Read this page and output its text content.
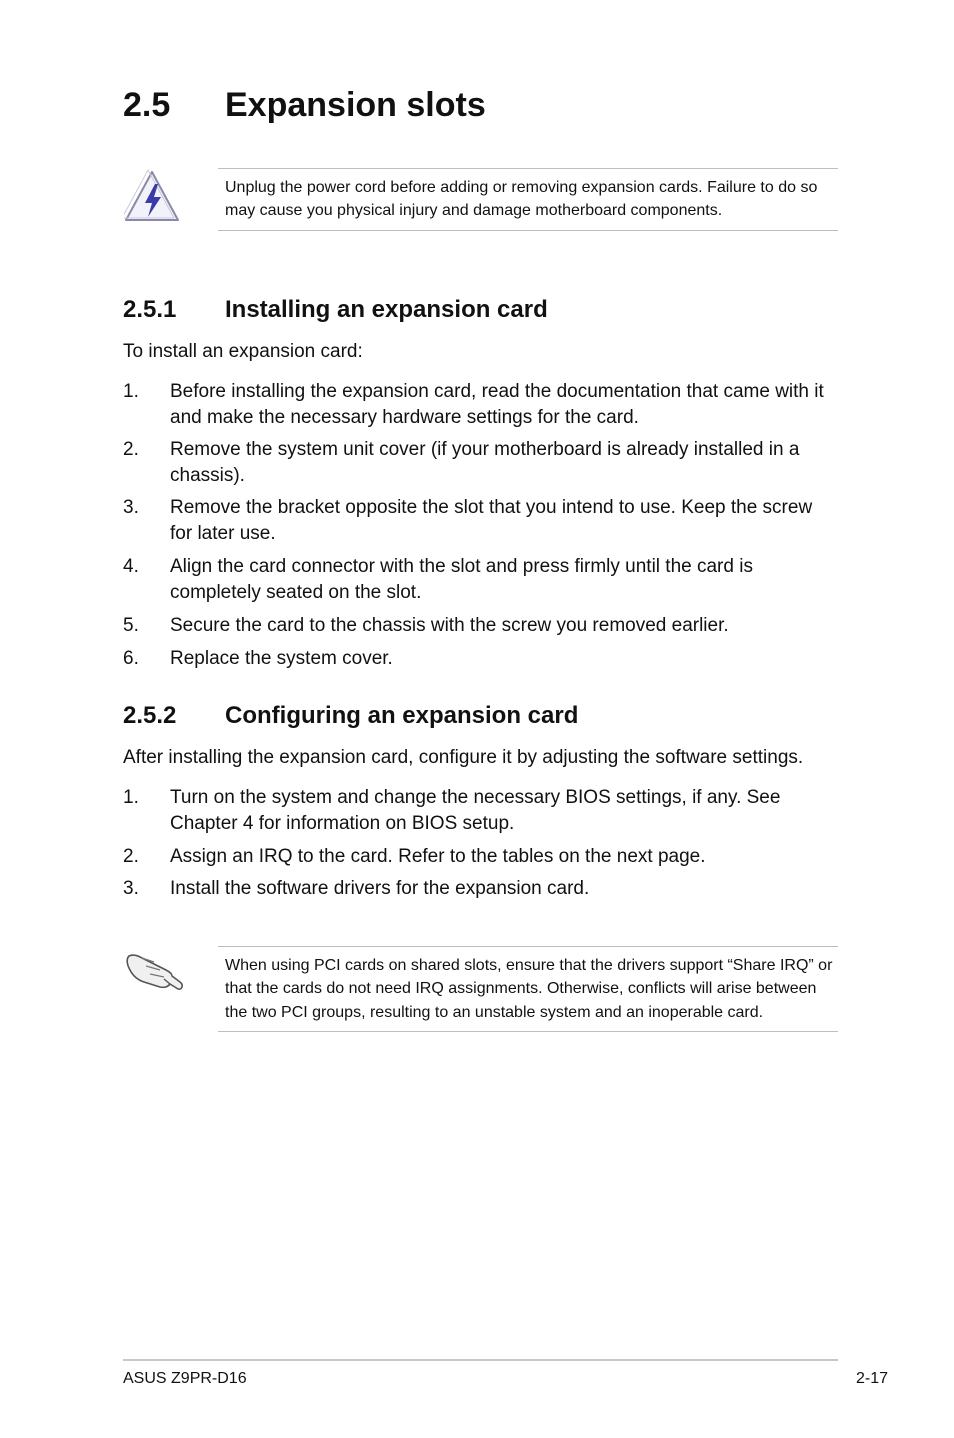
2.5 Expansion slots
Unplug the power cord before adding or removing expansion cards. Failure to do so may cause you physical injury and damage motherboard components.
2.5.1 Installing an expansion card
To install an expansion card:
1.	Before installing the expansion card, read the documentation that came with it and make the necessary hardware settings for the card.
2.	Remove the system unit cover (if your motherboard is already installed in a chassis).
3.	Remove the bracket opposite the slot that you intend to use. Keep the screw for later use.
4.	Align the card connector with the slot and press firmly until the card is completely seated on the slot.
5.	Secure the card to the chassis with the screw you removed earlier.
6.	Replace the system cover.
2.5.2 Configuring an expansion card
After installing the expansion card, configure it by adjusting the software settings.
1.	Turn on the system and change the necessary BIOS settings, if any. See Chapter 4 for information on BIOS setup.
2.	Assign an IRQ to the card. Refer to the tables on the next page.
3.	Install the software drivers for the expansion card.
When using PCI cards on shared slots, ensure that the drivers support “Share IRQ” or that the cards do not need IRQ assignments. Otherwise, conflicts will arise between the two PCI groups, resulting to an unstable system and an inoperable card.
ASUS Z9PR-D16	2-17
